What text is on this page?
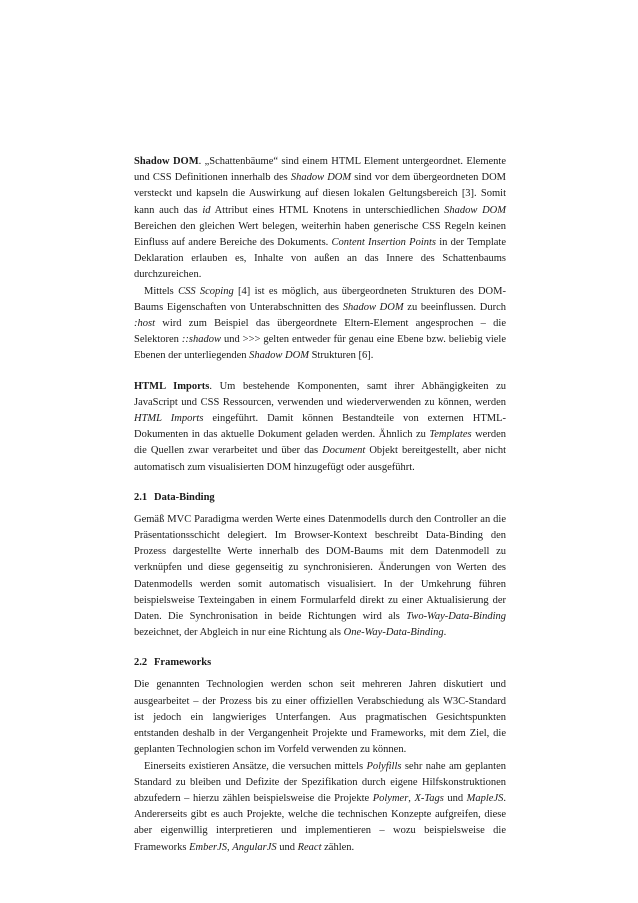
Shadow DOM. „Schattenbäume“ sind einem HTML Element untergeordnet. Elemente und CSS Definitionen innerhalb des Shadow DOM sind vor dem übergeordneten DOM versteckt und kapseln die Auswirkung auf diesen lokalen Geltungsbereich [3]. Somit kann auch das id Attribut eines HTML Knotens in unterschiedlichen Shadow DOM Bereichen den gleichen Wert belegen, weiterhin haben generische CSS Regeln keinen Einfluss auf andere Bereiche des Dokuments. Content Insertion Points in der Template Deklaration erlauben es, Inhalte von außen an das Innere des Schattenbaums durchzureichen.

Mittels CSS Scoping [4] ist es möglich, aus übergeordneten Strukturen des DOM-Baums Eigenschaften von Unterabschnitten des Shadow DOM zu beeinflussen. Durch :host wird zum Beispiel das übergeordnete Eltern-Element angesprochen – die Selektoren ::shadow und >>> gelten entweder für genau eine Ebene bzw. beliebig viele Ebenen der unterliegenden Shadow DOM Strukturen [6].

HTML Imports. Um bestehende Komponenten, samt ihrer Abhängigkeiten zu JavaScript und CSS Ressourcen, verwenden und wiederverwenden zu können, werden HTML Imports eingeführt. Damit können Bestandteile von externen HTML-Dokumenten in das aktuelle Dokument geladen werden. Ähnlich zu Templates werden die Quellen zwar verarbeitet und über das Document Objekt bereitgestellt, aber nicht automatisch zum visualisierten DOM hinzugefügt oder ausgeführt.

2.1 Data-Binding

Gemäß MVC Paradigma werden Werte eines Datenmodells durch den Controller an die Präsentationsschicht delegiert. Im Browser-Kontext beschreibt Data-Binding den Prozess dargestellte Werte innerhalb des DOM-Baums mit dem Datenmodell zu verknüpfen und diese gegenseitig zu synchronisieren. Änderungen von Werten des Datenmodells werden somit automatisch visualisiert. In der Umkehrung führen beispielsweise Texteingaben in einem Formularfeld direkt zu einer Aktualisierung der Daten. Die Synchronisation in beide Richtungen wird als Two-Way-Data-Binding bezeichnet, der Abgleich in nur eine Richtung als One-Way-Data-Binding.

2.2 Frameworks

Die genannten Technologien werden schon seit mehreren Jahren diskutiert und ausgearbeitet – der Prozess bis zu einer offiziellen Verabschiedung als W3C-Standard ist jedoch ein langwieriges Unterfangen. Aus pragmatischen Gesichtspunkten entstanden deshalb in der Vergangenheit Projekte und Frameworks, mit dem Ziel, die geplanten Technologien schon im Vorfeld verwenden zu können.

Einerseits existieren Ansätze, die versuchen mittels Polyfills sehr nahe am geplanten Standard zu bleiben und Defizite der Spezifikation durch eigene Hilfskonstruktionen abzufedern – hierzu zählen beispielsweise die Projekte Polymer, X-Tags und MapleJS. Andererseits gibt es auch Projekte, welche die technischen Konzepte aufgreifen, diese aber eigenwillig interpretieren und implementieren – wozu beispielsweise die Frameworks EmberJS, AngularJS und React zählen.
